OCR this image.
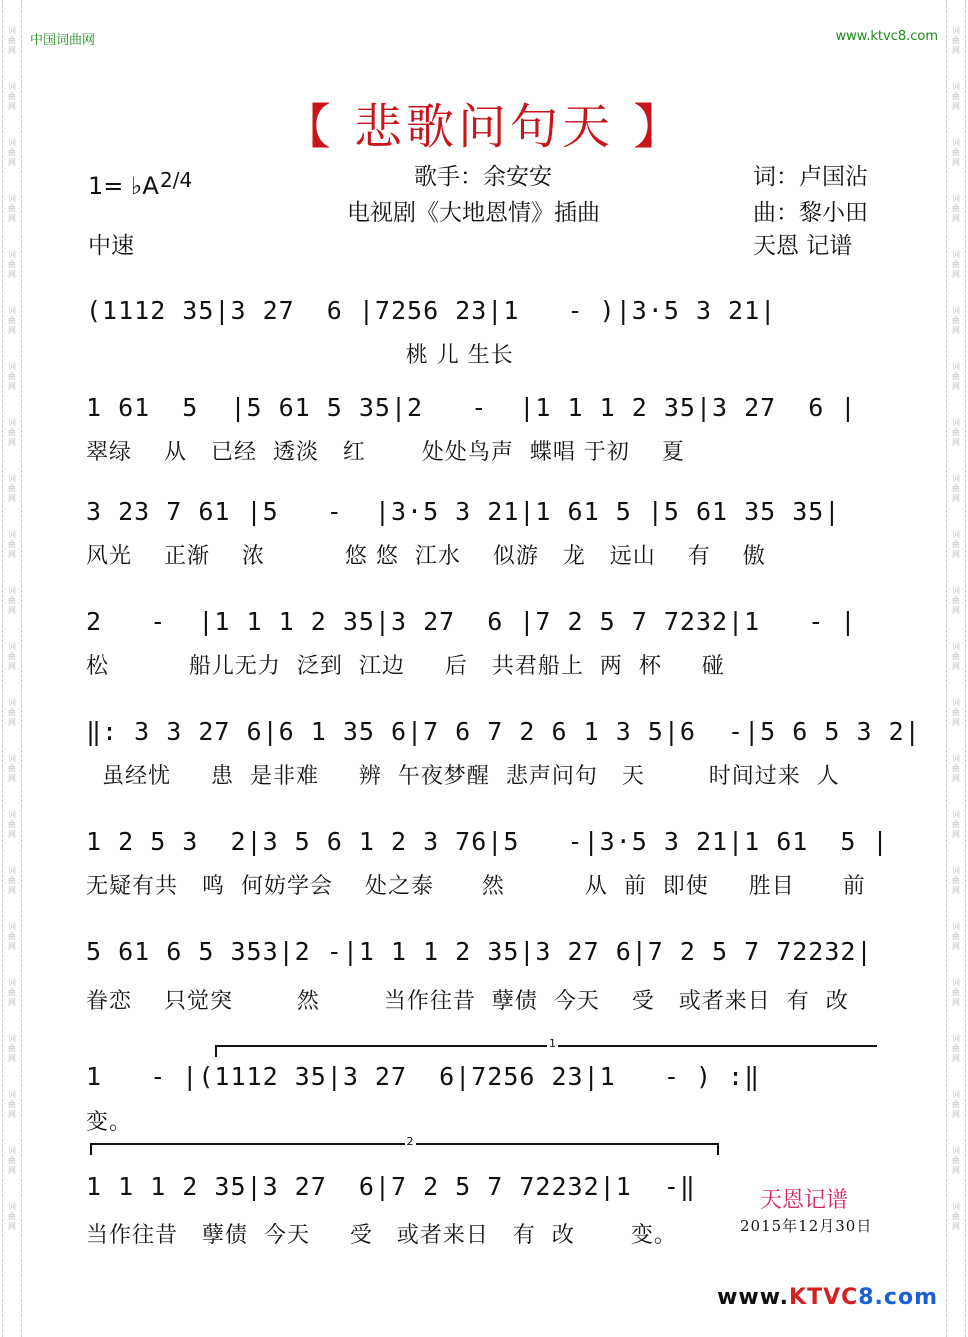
词
曲
网
词
曲
网
词
曲
网
词
曲
网
词
曲
网
词
曲
网
词
曲
网
词
曲
网
词
曲
网
词
曲
网
词
曲
网
词
曲
网
词
曲
网
词
曲
网
词
曲
网
词
曲
网
词
曲
网
词
曲
网
词
曲
网
词
曲
网
词
曲
网
词
曲
网
词
曲
网
词
曲
网
词
曲
网
词
曲
网
词
曲
网
词
曲
网
词
曲
网
词
曲
网
词
曲
网
词
曲
网
词
曲
网
词
曲
网
词
曲
网
词
曲
网
词
曲
网
词
曲
网
词
曲
网
词
曲
网
词
曲
网
词
曲
网
词
曲
网
词
曲
网
中国词曲网	www.ktvc8.com
【 悲歌问句天 】
1= ♭A 2/4
中速
歌手：余安安
电视剧《大地恩情》插曲
词：卢国沾
曲：黎小田
天恩 记谱
(1112 35|3 27  6 |7256 23|1   - )|3·5 3 21|
桃 儿 生长
1 61  5  |5 61 5 35|2   -  |1 1 1 2 35|3 27  6 |
翠绿    从   已经  透淡   红       处处鸟声  蝶唱 于初    夏
3 23 7 61 |5   -  |3·5 3 21|1 61 5 |5 61 35 35|
风光    正渐    浓          悠 悠  江水    似游   龙   远山    有    傲
2   -  |1 1 1 2 35|3 27  6 |7 2 5 7 7232|1   - |
松          船儿无力  泛到  江边     后   共君船上  两  杯     碰
‖: 3 3 27 6|6 1 35 6|7 6 7 2 6 1 3 5|6  -|5 6 5 3 2|
虽经忧     患  是非难     辨  午夜梦醒  悲声问句   天        时间过来  人
1 2 5 3  2|3 5 6 1 2 3 76|5   -|3·5 3 21|1 61  5 |
无疑有共   鸣  何妨学会    处之泰      然          从  前  即使     胜目      前
5 61 6 5 353|2 -|1 1 1 2 35|3 27 6|7 2 5 7 72232|
眷恋    只觉突        然        当作往昔  孽债  今天    受   或者来日  有  改
1
1   - |(1112 35|3 27  6|7256 23|1   - ) :‖
变。
2
1 1 1 2 35|3 27  6|7 2 5 7 72232|1  -‖
当作往昔   孽债  今天     受   或者来日   有  改       变。
天恩记谱
2015年12月30日
www.KTVC8.com
